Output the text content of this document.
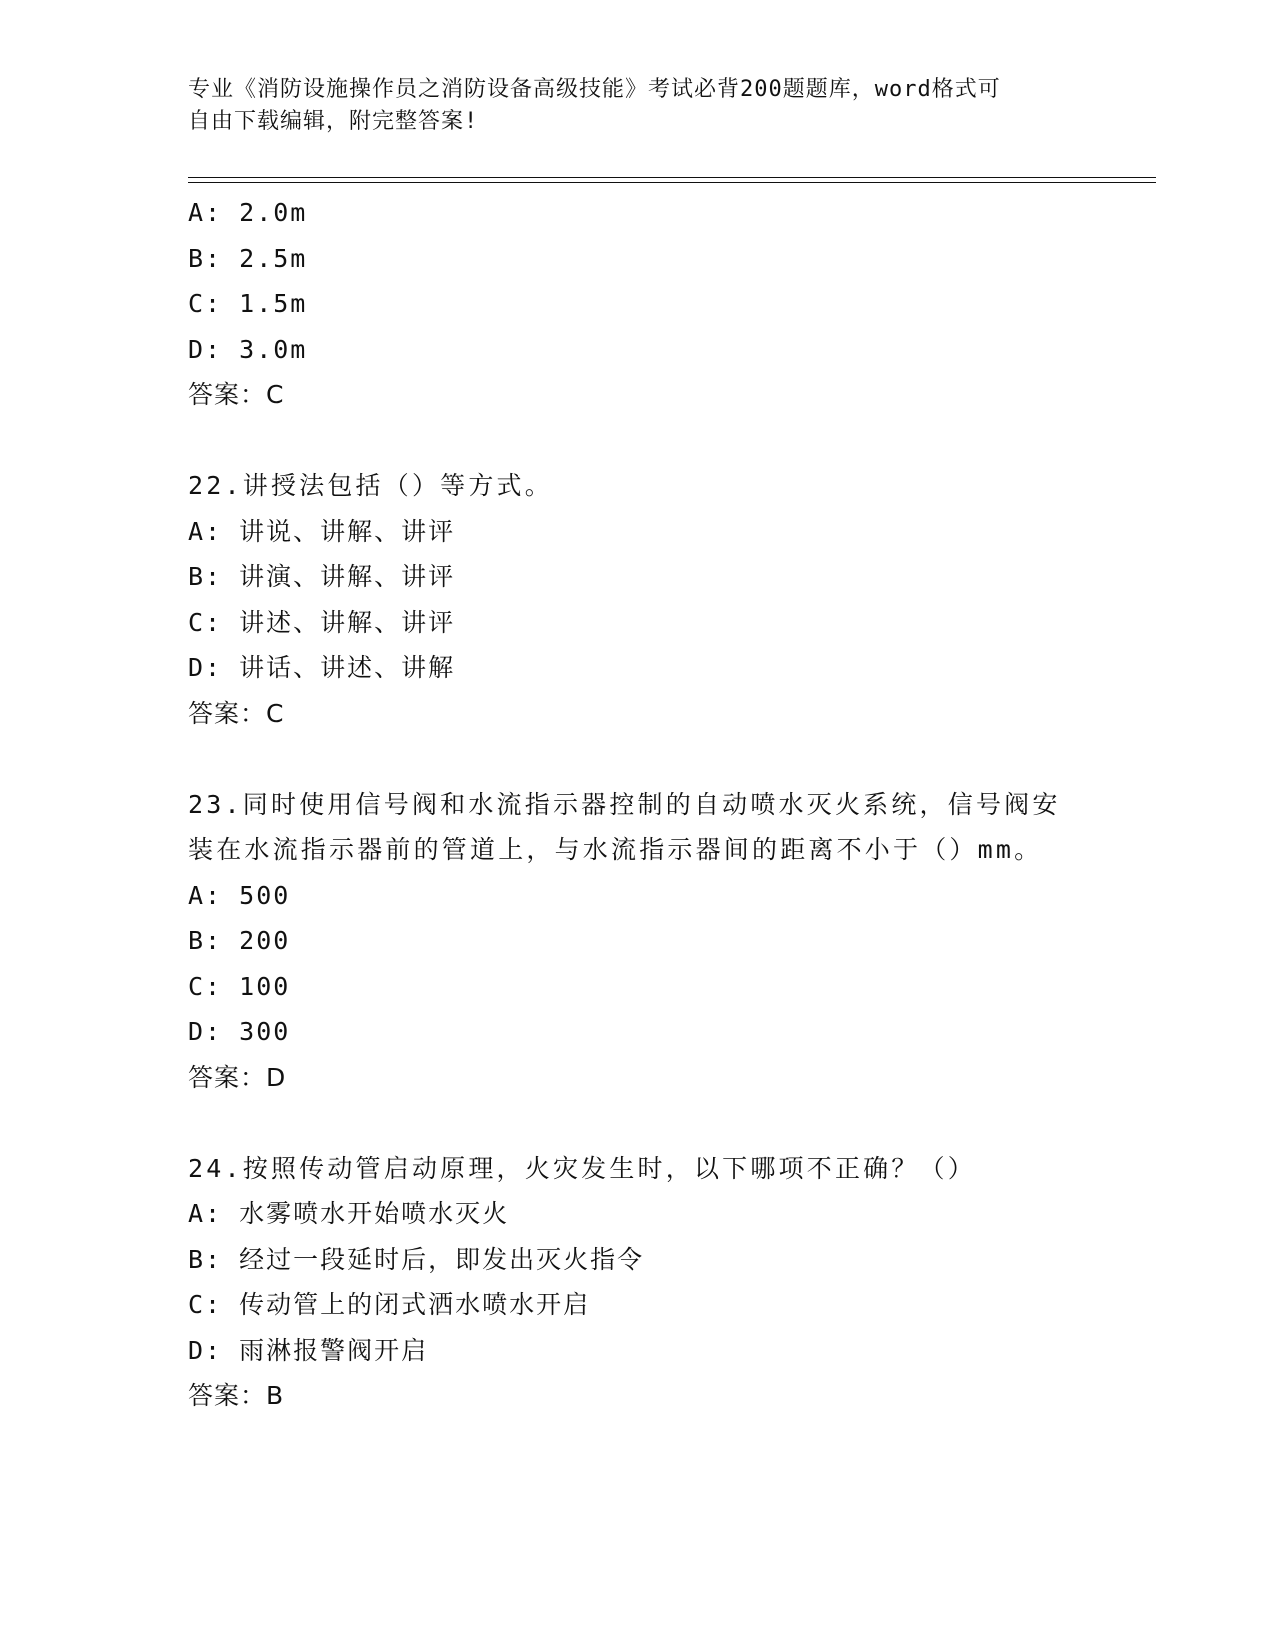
专业《消防设施操作员之消防设备高级技能》考试必背200题题库，word格式可
自由下载编辑，附完整答案!
A: 2.0m
B: 2.5m
C: 1.5m
D: 3.0m
答案：C
22.讲授法包括（）等方式。
A: 讲说、讲解、讲评
B: 讲演、讲解、讲评
C: 讲述、讲解、讲评
D: 讲话、讲述、讲解
答案：C
23.同时使用信号阀和水流指示器控制的自动喷水灭火系统，信号阀安
装在水流指示器前的管道上，与水流指示器间的距离不小于（）mm。
A: 500
B: 200
C: 100
D: 300
答案：D
24.按照传动管启动原理，火灾发生时，以下哪项不正确？（）
A: 水雾喷水开始喷水灭火
B: 经过一段延时后，即发出灭火指令
C: 传动管上的闭式洒水喷水开启
D: 雨淋报警阀开启
答案：B
